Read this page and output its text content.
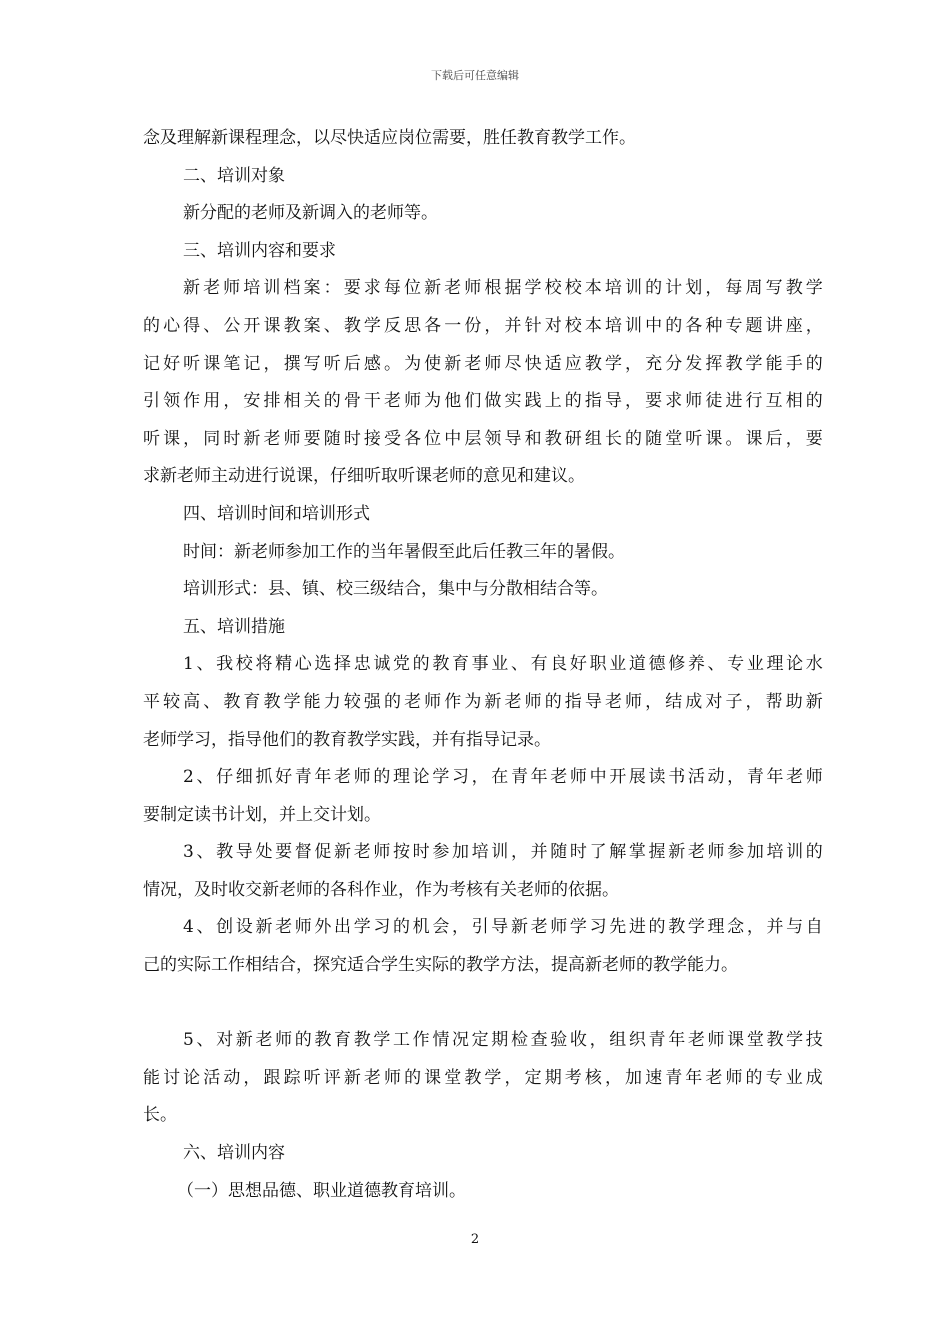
下载后可任意编辑
念及理解新课程理念，以尽快适应岗位需要，胜任教育教学工作。
二、培训对象
新分配的老师及新调入的老师等。
三、培训内容和要求
新老师培训档案：要求每位新老师根据学校校本培训的计划，每周写教学
的心得、公开课教案、教学反思各一份，并针对校本培训中的各种专题讲座，
记好听课笔记，撰写听后感。为使新老师尽快适应教学，充分发挥教学能手的
引领作用，安排相关的骨干老师为他们做实践上的指导，要求师徒进行互相的
听课，同时新老师要随时接受各位中层领导和教研组长的随堂听课。课后，要
求新老师主动进行说课，仔细听取听课老师的意见和建议。
四、培训时间和培训形式
时间：新老师参加工作的当年暑假至此后任教三年的暑假。
培训形式：县、镇、校三级结合，集中与分散相结合等。
五、培训措施
1、我校将精心选择忠诚党的教育事业、有良好职业道德修养、专业理论水
平较高、教育教学能力较强的老师作为新老师的指导老师，结成对子，帮助新
老师学习，指导他们的教育教学实践，并有指导记录。
2、仔细抓好青年老师的理论学习，在青年老师中开展读书活动，青年老师
要制定读书计划，并上交计划。
3、教导处要督促新老师按时参加培训，并随时了解掌握新老师参加培训的
情况，及时收交新老师的各科作业，作为考核有关老师的依据。
4、创设新老师外出学习的机会，引导新老师学习先进的教学理念，并与自
己的实际工作相结合，探究适合学生实际的教学方法，提高新老师的教学能力。
5、对新老师的教育教学工作情况定期检查验收，组织青年老师课堂教学技
能讨论活动，跟踪听评新老师的课堂教学，定期考核，加速青年老师的专业成
长。
六、培训内容
（一）思想品德、职业道德教育培训。
2
